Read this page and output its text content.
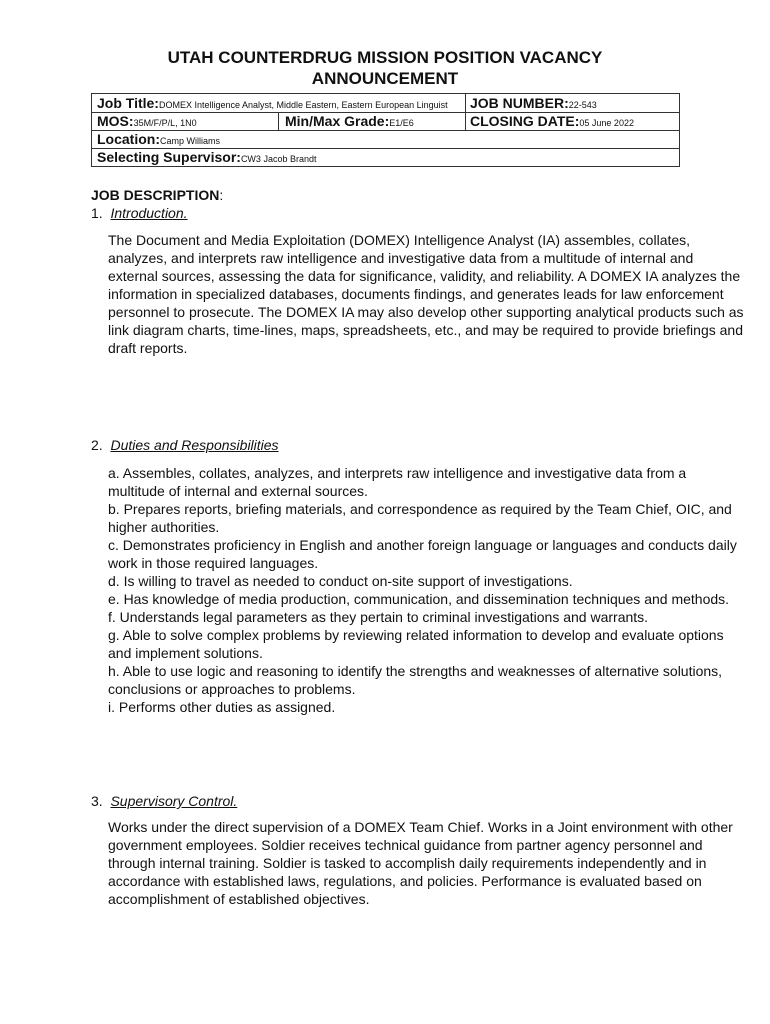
UTAH COUNTERDRUG MISSION POSITION VACANCY
ANNOUNCEMENT
Job Title:DOMEX Intelligence Analyst, Middle Eastern, Eastern European Linguist	JOB NUMBER:22-543
MOS:35M/F/P/L, 1N0	Min/Max Grade:E1/E6	CLOSING DATE:05 June 2022
Location:Camp Williams
Selecting Supervisor:CW3 Jacob Brandt
JOB DESCRIPTION:
1. Introduction.

The Document and Media Exploitation (DOMEX) Intelligence Analyst (IA) assembles, collates, analyzes, and interprets raw intelligence and investigative data from a multitude of internal and external sources, assessing the data for significance, validity, and reliability. A DOMEX IA analyzes the information in specialized databases, documents findings, and generates leads for law enforcement personnel to prosecute. The DOMEX IA may also develop other supporting analytical products such as link diagram charts, time-lines, maps, spreadsheets, etc., and may be required to provide briefings and draft reports.

2. Duties and Responsibilities
a. Assembles, collates, analyzes, and interprets raw intelligence and investigative data from a multitude of internal and external sources.
b. Prepares reports, briefing materials, and correspondence as required by the Team Chief, OIC, and higher authorities.
c. Demonstrates proficiency in English and another foreign language or languages and conducts daily work in those required languages.
d. Is willing to travel as needed to conduct on-site support of investigations.
e. Has knowledge of media production, communication, and dissemination techniques and methods.
f. Understands legal parameters as they pertain to criminal investigations and warrants.
g. Able to solve complex problems by reviewing related information to develop and evaluate options and implement solutions.
h. Able to use logic and reasoning to identify the strengths and weaknesses of alternative solutions, conclusions or approaches to problems.
i. Performs other duties as assigned.
3. Supervisory Control.

Works under the direct supervision of a DOMEX Team Chief. Works in a Joint environment with other government employees. Soldier receives technical guidance from partner agency personnel and through internal training. Soldier is tasked to accomplish daily requirements independently and in accordance with established laws, regulations, and policies. Performance is evaluated based on accomplishment of established objectives.
